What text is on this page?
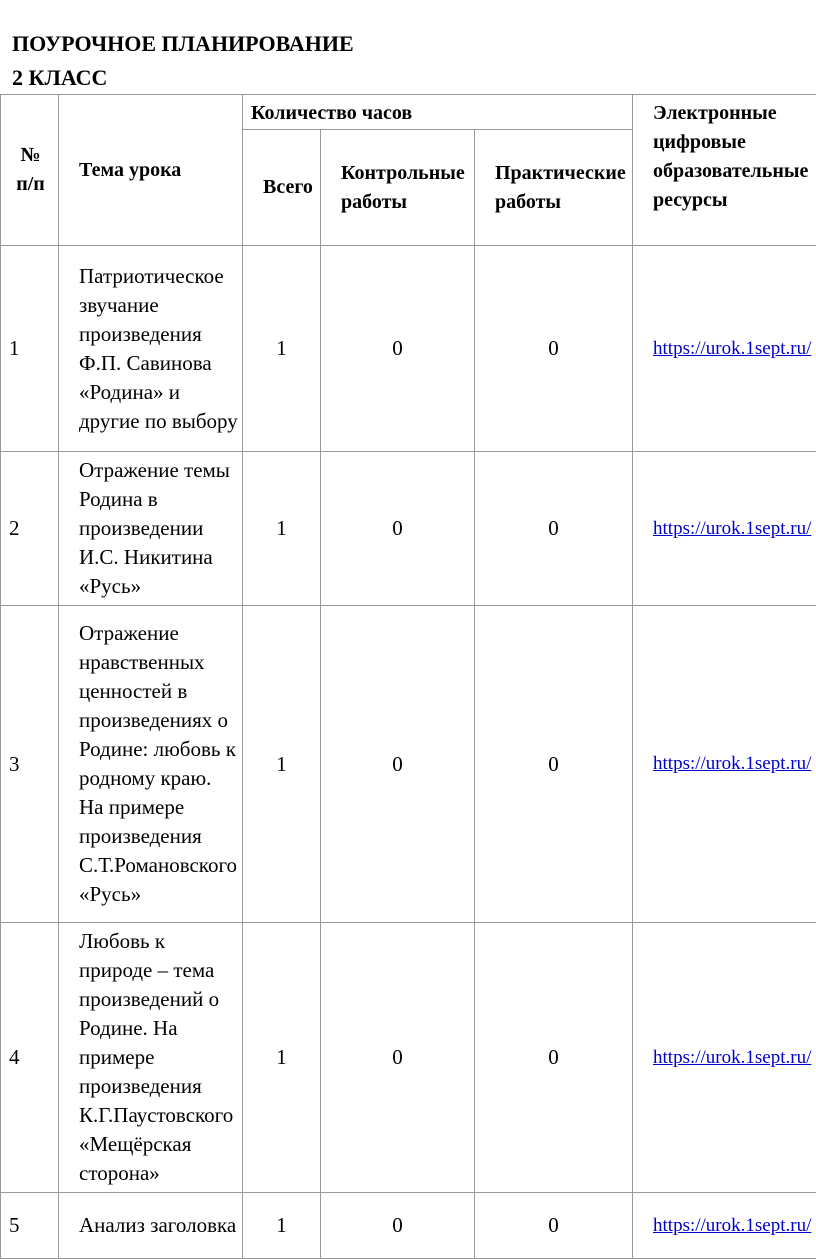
ПОУРОЧНОЕ ПЛАНИРОВАНИЕ
2 КЛАСС
№ п/п	Тема урока	Количество часов			Электронные цифровые образовательные ресурсы
		Всего	Контрольные работы	Практические работы	
1	Патриотическое звучание произведения Ф.П. Савинова «Родина» и другие по выбору	1	0	0	https://urok.1sept.ru/

2	Отражение темы Родина в произведении И.С. Никитина «Русь»	1	0	0	https://urok.1sept.ru/

3	Отражение нравственных ценностей в произведениях о Родине: любовь к родному краю. На примере произведения С.Т.Романовского «Русь»	1	0	0	https://urok.1sept.ru/

4	Любовь к природе – тема произведений о Родине. На примере произведения К.Г.Паустовского «Мещёрская сторона»	1	0	0	https://urok.1sept.ru/

5	Анализ заголовка	1	0	0	https://urok.1sept.ru/
